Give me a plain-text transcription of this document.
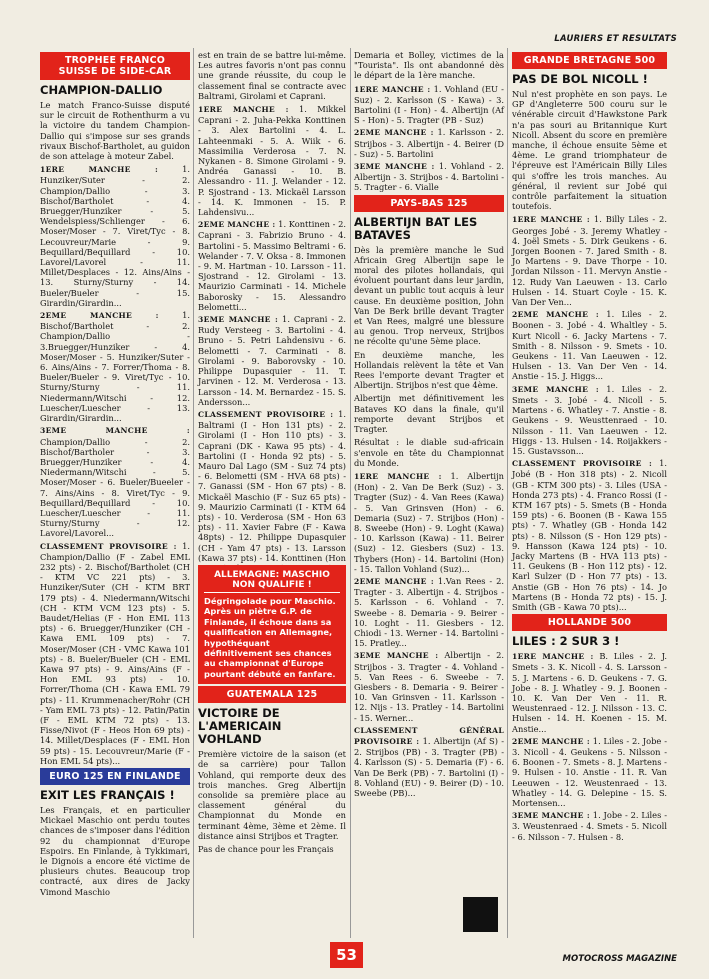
LAURIERS ET RESULTATS
TROPHEE FRANCO SUISSE DE SIDE-CAR
CHAMPION-DALLIO

Le match Franco-Suisse disputé sur le circuit de Rothenthurm a vu la victoire du tandem Champion-Dallio qui s'impose sur ses grands rivaux Bischof-Bartholet, au guidon de son attelage à moteur Zabel.

1ERE MANCHE : 1. Hunziker/Suter - 2. Champion/Dallio - 3. Bischof/Bartholet - 4. Bruegger/Hunziker - 5. Wendelspiess/Schlienger - 6. Moser/Moser - 7. Viret/Tyc - 8. Lecouvreur/Marie - 9. Bequillard/Bequillard - 10. Lavorel/Lavorel - 11. Millet/Desplaces - 12. Ains/Ains - 13. Sturny/Sturny - 14. Bueler/Bueler - 15. Girardin/Girardin...

2EME MANCHE : 1. Bischof/Bartholet - 2. Champion/Dallio - 3.Bruegger/Hunziker - 4. Moser/Moser - 5. Hunziker/Suter - 6. Ains/Ains - 7. Forrer/Thoma - 8. Bueler/Bueler - 9. Viret/Tyc - 10. Sturny/Sturny - 11. Niedermann/Witschi - 12. Luescher/Luescher - 13. Girardin/Girardin...

3EME MANCHE : Champion/Dallio - 2. Bischof/Bartholer - 3. Bruegger/Hunziker - 4. Niedermann/Witschi - 5. Moser/Moser - 6. Bueler/Bueeler - 7. Ains/Ains - 8. Viret/Tyc - 9. Bequillard/Bequillard - 10. Luescher/Luescher - 11. Sturny/Sturny - 12. Lavorel/Lavorel...

CLASSEMENT PROVISOIRE : 1. Champion/Dallio (F - Zabel EML 232 pts) - 2. Bischof/Bartholet (CH - KTM VC 221 pts) - 3. Hunziker/Suter (CH - KTM BRT 179 pts) - 4. Niedermann/Witschi (CH - KTM VCM 123 pts) - 5. Baudet/Helias (F - Hon EML 113 pts) - 6. Bruegger/Hunziker (CH - Kawa EML 109 pts) - 7. Moser/Moser (CH - VMC Kawa 101 pts) - 8. Bueler/Bueler (CH - EML Kawa 97 pts) - 9. Ains/Ains (F - Hon EML 93 pts) - 10. Forrer/Thoma (CH - Kawa EML 79 pts) - 11. Krummenacher/Rohr (CH - Yam EML 73 pts) - 12. Patin/Patin (F - EML KTM 72 pts) - 13. Fisse/Nivot (F - Heos Hon 69 pts) - 14. Millet/Desplaces (F - EML Hon 59 pts) - 15. Lecouvreur/Marie (F - Hon EML 54 pts)...

EURO 125 EN FINLANDE
EXIT LES FRANÇAIS !

Les Français, et en particulier Mickael Maschio ont perdu toutes chances de s'imposer dans l'édition 92 du championnat d'Europe Espoirs. En Finlande, à Tykkimari, le Dignois a encore été victime de plusieurs chutes. Beaucoup trop contracté, aux dires de Jacky Vimond Maschio

est en train de se battre lui-même. Les autres favoris n'ont pas connu une grande réussite, du coup le classement final se contracte avec Baltrami, Girolami et Caprani.

1ERE MANCHE : 1. Mikkel Caprani - 2. Juha-Pekka Konttinen - 3. Alex Bartolini - 4. L. Lahteenmaki - 5. A. Wiik - 6. Massimilia Verderosa - 7. N. Nykanen - 8. Simone Girolami - 9. Andréa Ganassi - 10. B. Alessandro - 11. J. Welander - 12. P. Sjostrand - 13. Mickaël Larsson - 14. K. Immonen - 15. P. Lahdensivu...

2EME MANCHE : 1. Konttinen - 2. Caprani - 3. Fabrizio Bruno - 4. Bartolini - 5. Massimo Beltrami - 6. Welander - 7. V. Oksa - 8. Immonen - 9. M. Hartman - 10. Larsson - 11. Sjostrand - 12. Girolami - 13. Maurizio Carminati - 14. Michele Baborosky - 15. Alessandro Belometti...

3EME MANCHE : 1. Caprani - 2. Rudy Versteeg - 3. Bartolini - 4. Bruno - 5. Petri Lahdensivu - 6. Belometti - 7. Carminati - 8. Girolami - 9. Baborovsky - 10. Philippe Dupasquier - 11. T. Jarvinen - 12. M. Verderosa - 13. Larsson - 14. M. Bernardez - 15. S. Andersson...

CLASSEMENT PROVISOIRE : 1. Baltrami (I - Hon 131 pts) - 2. Girolami (I - Hon 110 pts) - 3. Caprani (DK - Kawa 95 pts) - 4. Bartolini (I - Honda 92 pts) - 5. Mauro Dal Lago (SM - Suz 74 pts) - 6. Belometti (SM - HVA 68 pts) - 7. Ganassi (SM - Hon 67 pts) - 8. Mickaël Maschio (F - Suz 65 pts) - 9. Maurizio Carminati (I - KTM 64 pts) - 10. Verderosa (SM - Hon 63 pts) - 11. Xavier Fabre (F - Kawa 48pts) - 12. Philippe Dupasquier (CH - Yam 47 pts) - 13. Larsson (Kawa 37 pts) - 14. Konttinen (Hon

ALLEMAGNE: MASCHIO NON QUALIFIE !
Dégringolade pour Maschio. Après un piètre G.P. de Finlande, il échoue dans sa qualification en Allemagne, hypothéquant définitivement ses chances au championnat d'Europe pourtant débuté en fanfare.
GUATEMALA 125
VICTOIRE DE L'AMERICAIN VOHLAND

Première victoire de la saison (et de sa carrière) pour Tallon Vohland, qui remporte deux des trois manches. Greg Albertijn consolide sa première place au classement général du Championnat du Monde en terminant 4ème, 3ème et 2ème. Il distance ainsi Strijbos et Tragter.

Pas de chance pour les Français

Demaria et Bolley, victimes de la "Tourista". Ils ont abandonné dès le départ de la 1ère manche.

1ERE MANCHE : 1. Vohland (EU - Suz) - 2. Karlsson (S - Kawa) - 3. Bartolini (I - Hon) - 4. Albertijn (Af S - Hon) - 5. Tragter (PB - Suz)

2EME MANCHE : 1. Karlsson - 2. Strijbos - 3. Albertijn - 4. Beirer (D - Suz) - 5. Bartolini

3EME MANCHE : 1. Vohland - 2. Albertijn - 3. Strijbos - 4. Bartolini - 5. Tragter - 6. Vialle

PAYS-BAS 125
ALBERTIJN BAT LES BATAVES

Dès la première manche le Sud Africain Greg Albertijn sape le moral des pilotes hollandais, qui évoluent pourtant dans leur jardin, devant un public tout acquis à leur cause. En deuxième position, John Van De Berk brille devant Tragter et Van Rees, malgré une blessure au genou. Trop nerveux, Strijbos ne récolte qu'une 5ème place.

En deuxième manche, les Hollandais relèvent la tête et Van Rees l'emporte devant Tragter et Albertijn. Strijbos n'est que 4ème.

Albertijn met définitivement les Bataves KO dans la finale, qu'il remporte devant Strijbos et Tragter.

Résultat : le diable sud-africain s'envole en tête du Championnat du Monde.

1ERE MANCHE : 1. Albertijn (Hon) - 2. Van De Berk (Suz) - 3. Tragter (Suz) - 4. Van Rees (Kawa) - 5. Van Grinsven (Hon) - 6. Demaria (Suz) - 7. Strijbos (Hon) - 8. Sweebe (Hon) - 9. Loght (Kawa) - 10. Karlsson (Kawa) - 11. Beirer (Suz) - 12. Giesbers (Suz) - 13. Thybers (Hon) - 14. Bartolini (Hon) - 15. Tallon Vohland (Suz)...

2EME MANCHE : 1.Van Rees - 2. Tragter - 3. Albertijn - 4. Strijbos - 5. Karlsson - 6. Vohland - 7. Sweebe - 8. Demaria - 9. Beirer - 10. Loght - 11. Giesbers - 12. Chiodi - 13. Werner - 14. Bartolini - 15. Pratley...

3EME MANCHE : Albertijn - 2. Strijbos - 3. Tragter - 4. Vohland - 5. Van Rees - 6. Sweebe - 7. Giesbers - 8. Demaria - 9. Beirer - 10. Van Grinsven - 11. Karlsson - 12. Nijs - 13. Pratley - 14. Bartolini - 15. Werner...

CLASSEMENT GÉNÉRAL PROVISOIRE : 1. Albertijn (Af S) - 2. Strijbos (PB) - 3. Tragter (PB) - 4. Karlsson (S) - 5. Demaria (F) - 6. Van De Berk (PB) - 7. Bartolini (I) - 8. Vohland (EU) - 9. Beirer (D) - 10. Sweebe (PB)...

GRANDE BRETAGNE 500
PAS DE BOL NICOLL !

Nul n'est prophète en son pays. Le GP d'Angleterre 500 couru sur le vénérable circuit d'Hawkstone Park n'a pas souri au Britannique Kurt Nicoll. Absent du score en première manche, il échoue ensuite 5ème et 4ème. Le grand triomphateur de l'épreuve est l'Américain Billy Liles qui s'offre les trois manches. Au général, il revient sur Jobé qui contrôle parfaitement la situation toutefois.

1ERE MANCHE : 1. Billy Liles - 2. Georges Jobé - 3. Jeremy Whatley - 4. Joël Smets - 5. Dirk Geukens - 6. Jorgen Boonen - 7. Jared Smith - 8. Jo Martens - 9. Dave Thorpe - 10. Jordan Nilsson - 11. Mervyn Anstie - 12. Rudy Van Laeuwen - 13. Carlo Hulsen - 14. Stuart Coyle - 15. K. Van Der Ven...

2EME MANCHE : 1. Liles - 2. Boonen - 3. Jobé - 4. Whaltley - 5. Kurt Nicoll - 6. Jacky Martens - 7. Smith - 8. Nilsson - 9. Smets - 10. Geukens - 11. Van Laeuwen - 12. Hulsen - 13. Van Der Ven - 14. Anstie - 15. J. Higgs...

3EME MANCHE : 1. Liles - 2. Smets - 3. Jobé - 4. Nicoll - 5. Martens - 6. Whatley - 7. Anstie - 8. Geukens - 9. Weusttenraed - 10. Nilsson - 11. Van Laeuwen - 12. Higgs - 13. Hulsen - 14. Roijakkers - 15. Gustavsson...

CLASSEMENT PROVISOIRE : 1. Jobé (B - Hon 318 pts) - 2. Nicoll (GB - KTM 300 pts) - 3. Liles (USA - Honda 273 pts) - 4. Franco Rossi (I - KTM 167 pts) - 5. Smets (B - Honda 159 pts) - 6. Boonen (B - Kawa 155 pts) - 7. Whatley (GB - Honda 142 pts) - 8. Nilsson (S - Hon 129 pts) - 9. Hansson (Kawa 124 pts) - 10. Jacky Martens (B - HVA 113 pts) - 11. Geukens (B - Hon 112 pts) - 12. Karl Sulzer (D - Hon 77 pts) - 13. Anstie (GB - Hon 76 pts) - 14. Jo Martens (B - Honda 72 pts) - 15. J. Smith (GB - Kawa 70 pts)...

HOLLANDE 500
LILES : 2 SUR 3 !

1ERE MANCHE : B. Liles - 2. J. Smets - 3. K. Nicoll - 4. S. Larsson - 5. J. Martens - 6. D. Geukens - 7. G. Jobe - 8. J. Whatley - 9. J. Boonen - 10. K. Van Der Ven - 11. R. Weustenraed - 12. J. Nilsson - 13. C. Hulsen - 14. H. Koenen - 15. M. Anstie...

2EME MANCHE : 1. Liles - 2. Jobe - 3. Nicoll - 4. Geukens - 5. Nilsson - 6. Boonen - 7. Smets - 8. J. Martens - 9. Hulsen - 10. Anstie - 11. R. Van Leeuwen - 12. Weustenraed - 13. Whatley - 14. G. Delepine - 15. S. Mortensen...

3EME MANCHE : 1. Jobe - 2. Liles - 3. Weustenraed - 4. Smets - 5. Nicoll - 6. Nilsson - 7. Hulsen - 8.

53	MOTOCROSS MAGAZINE
